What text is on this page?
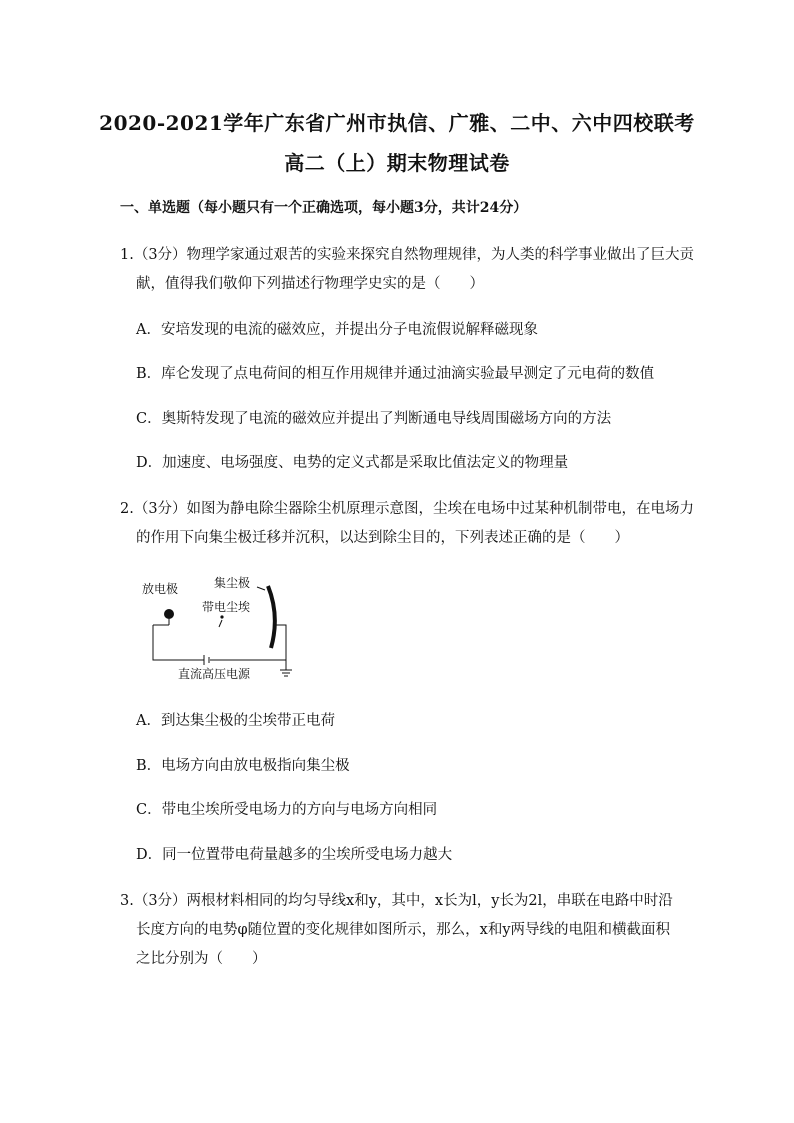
2020-2021学年广东省广州市执信、广雅、二中、六中四校联考
高二（上）期末物理试卷
一、单选题（每小题只有一个正确选项，每小题3分，共计24分）
1.（3分）物理学家通过艰苦的实验来探究自然物理规律，为人类的科学事业做出了巨大贡
献，值得我们敬仰下列描述行物理学史实的是（　　）
A．安培发现的电流的磁效应，并提出分子电流假说解释磁现象
B．库仑发现了点电荷间的相互作用规律并通过油滴实验最早测定了元电荷的数值
C．奥斯特发现了电流的磁效应并提出了判断通电导线周围磁场方向的方法
D．加速度、电场强度、电势的定义式都是采取比值法定义的物理量
2.（3分）如图为静电除尘器除尘机原理示意图，尘埃在电场中过某种机制带电，在电场力
的作用下向集尘极迁移并沉积，以达到除尘目的，下列表述正确的是（　　）
放电极	集尘极
带电尘埃
直流高压电源
A．到达集尘极的尘埃带正电荷
B．电场方向由放电极指向集尘极
C．带电尘埃所受电场力的方向与电场方向相同
D．同一位置带电荷量越多的尘埃所受电场力越大
3.（3分）两根材料相同的均匀导线x和y，其中，x长为l，y长为2l，串联在电路中时沿
长度方向的电势φ随位置的变化规律如图所示，那么，x和y两导线的电阻和横截面积
之比分别为（　　）
